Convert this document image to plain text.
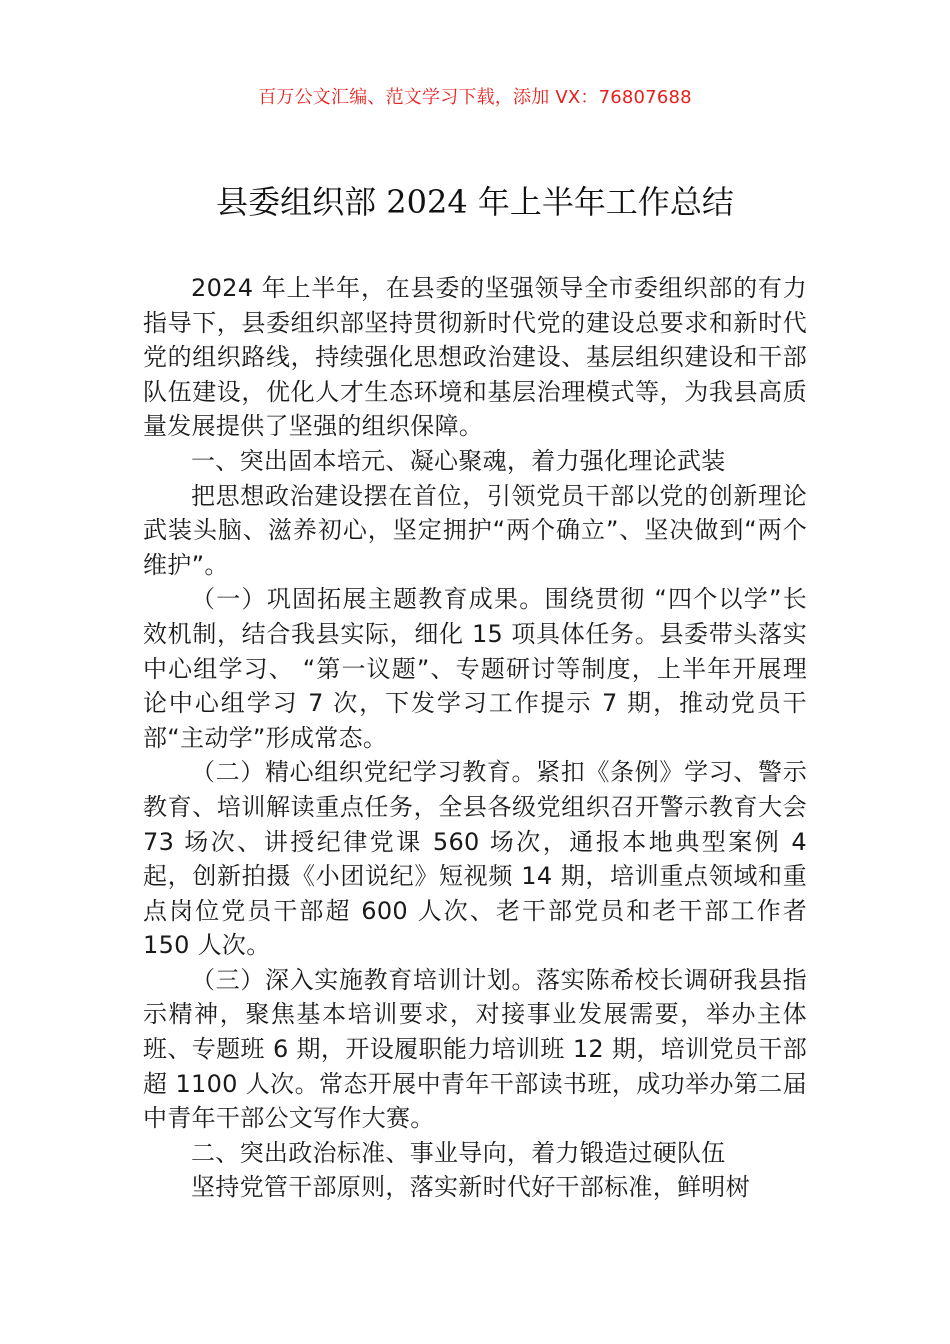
百万公文汇编、范文学习下载，添加 VX：76807688
县委组织部 2024 年上半年工作总结

2024 年上半年，在县委的坚强领导全市委组织部的有力指导下，县委组织部坚持贯彻新时代党的建设总要求和新时代党的组织路线，持续强化思想政治建设、基层组织建设和干部队伍建设，优化人才生态环境和基层治理模式等，为我县高质量发展提供了坚强的组织保障。

一、突出固本培元、凝心聚魂，着力强化理论武装

把思想政治建设摆在首位，引领党员干部以党的创新理论武装头脑、滋养初心，坚定拥护“两个确立”、坚决做到“两个维护”。

（一）巩固拓展主题教育成果。围绕贯彻 “四个以学”长效机制，结合我县实际，细化 15 项具体任务。县委带头落实中心组学习、 “第一议题”、专题研讨等制度，上半年开展理论中心组学习 7 次，下发学习工作提示 7 期，推动党员干部“主动学”形成常态。

（二）精心组织党纪学习教育。紧扣《条例》学习、警示教育、培训解读重点任务，全县各级党组织召开警示教育大会 73 场次、讲授纪律党课 560 场次，通报本地典型案例 4 起，创新拍摄《小团说纪》短视频 14 期，培训重点领域和重点岗位党员干部超 600 人次、老干部党员和老干部工作者 150 人次。

（三）深入实施教育培训计划。落实陈希校长调研我县指示精神，聚焦基本培训要求，对接事业发展需要，举办主体班、专题班 6 期，开设履职能力培训班 12 期，培训党员干部超 1100 人次。常态开展中青年干部读书班，成功举办第二届中青年干部公文写作大赛。

二、突出政治标准、事业导向，着力锻造过硬队伍

坚持党管干部原则，落实新时代好干部标准，鲜明树
